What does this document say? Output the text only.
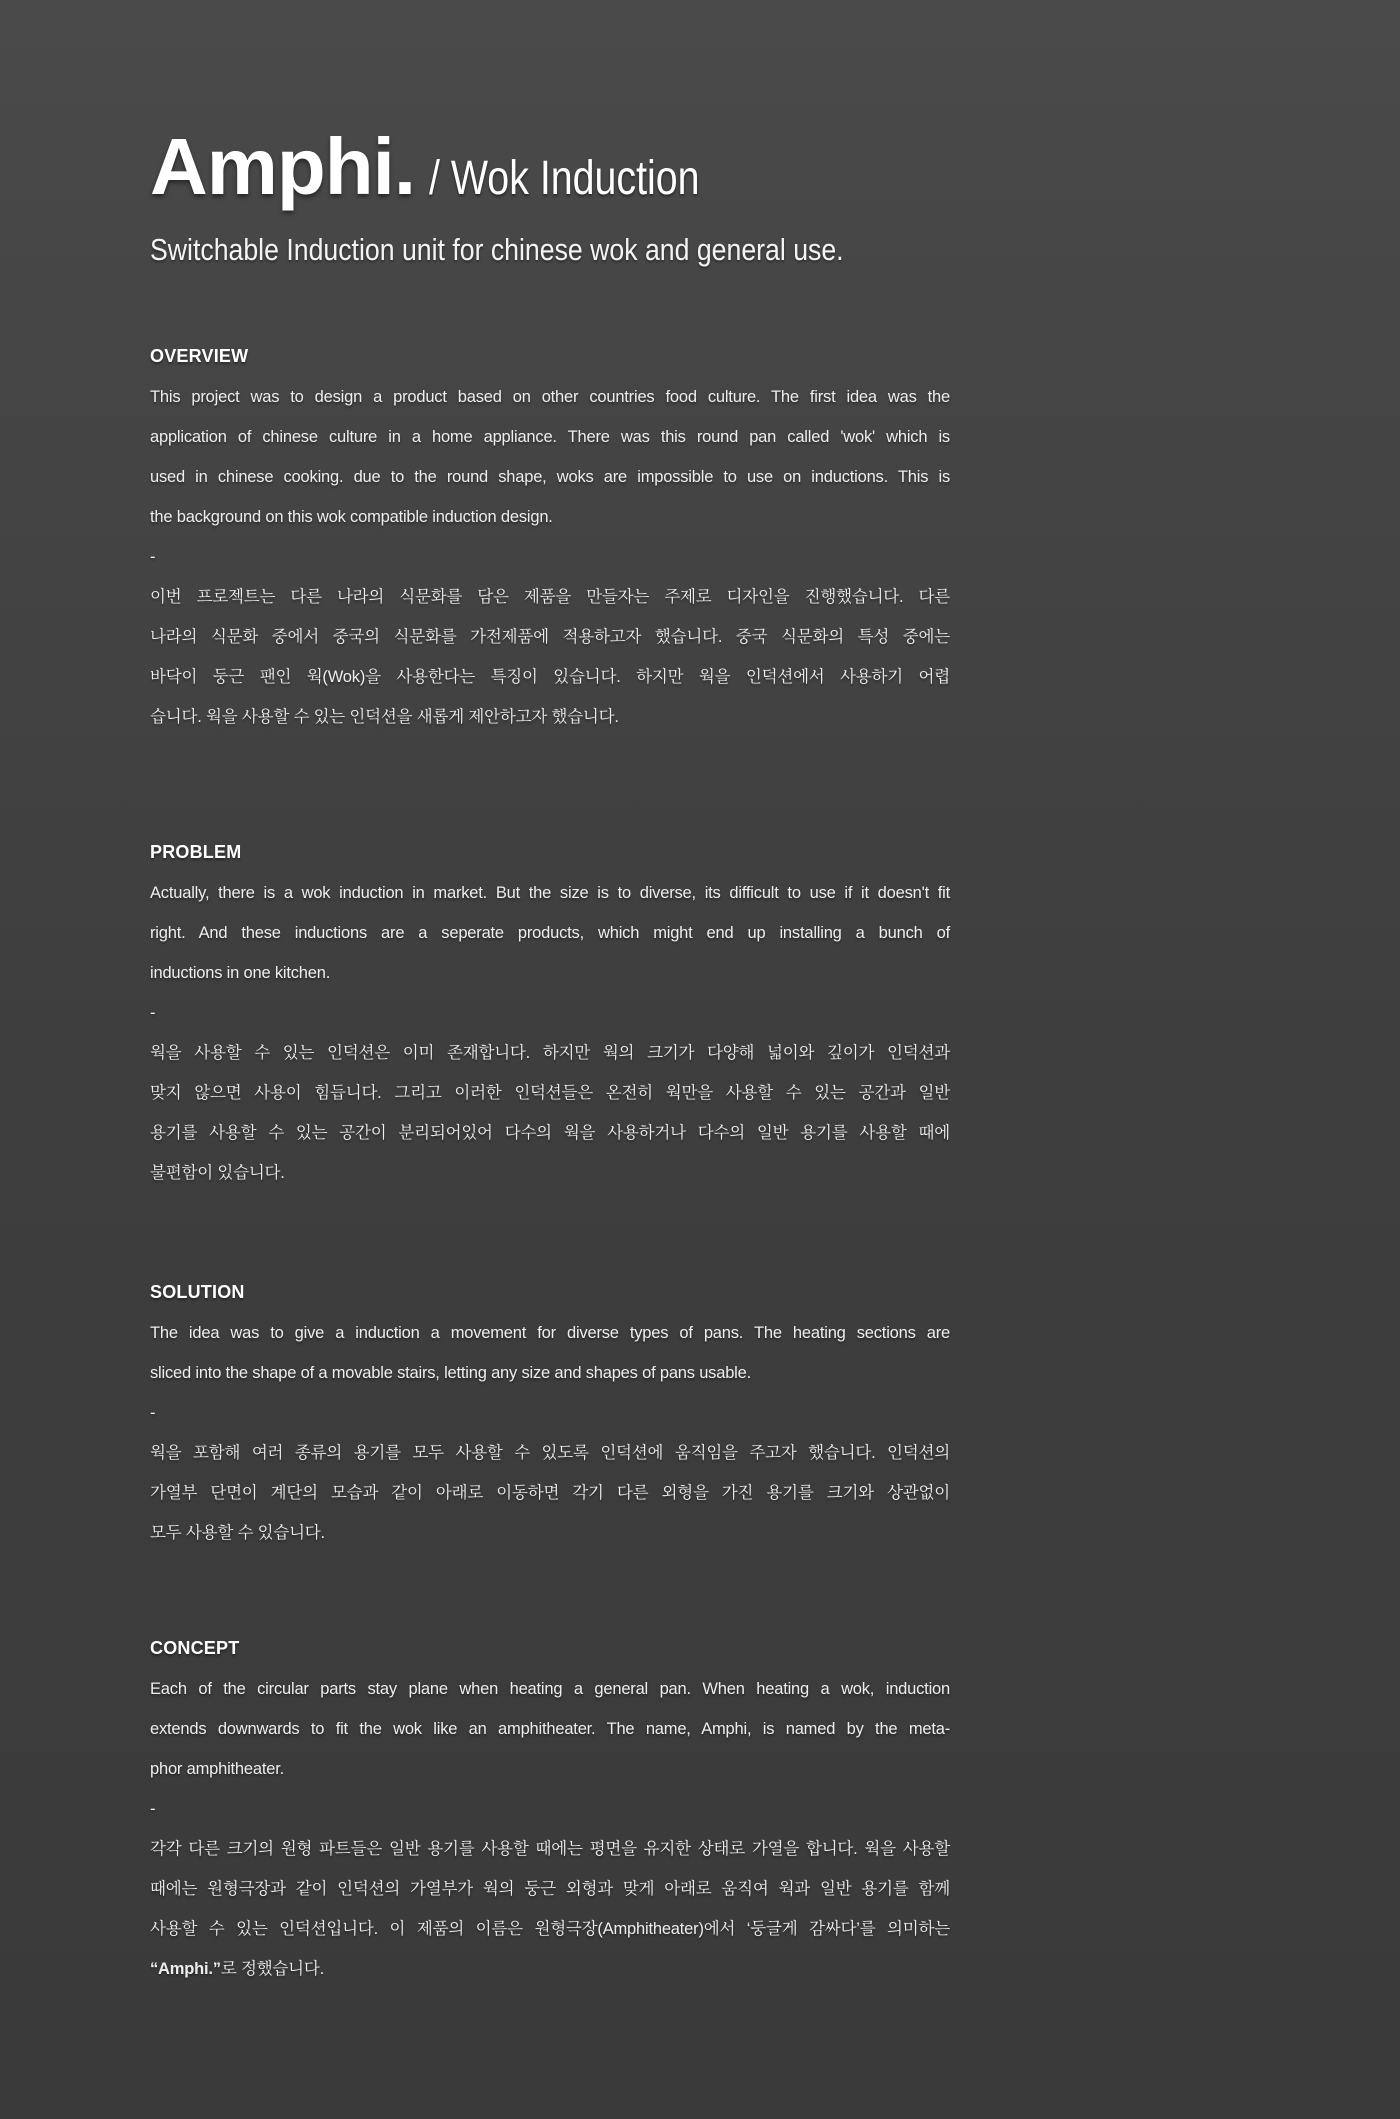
Amphi. / Wok Induction
Switchable Induction unit for chinese wok and general use.
OVERVIEW
This project was to design a product based on other countries food culture. The first idea was the
application of chinese culture in a home appliance. There was this round pan called 'wok' which is
used in chinese cooking. due to the round shape, woks are impossible to use on inductions. This is
the background on this wok compatible induction design.
-
이번 프로젝트는 다른 나라의 식문화를 담은 제품을 만들자는 주제로 디자인을 진행했습니다. 다른
나라의 식문화 중에서 중국의 식문화를 가전제품에 적용하고자 했습니다. 중국 식문화의 특성 중에는
바닥이 둥근 팬인 웍(Wok)을 사용한다는 특징이 있습니다. 하지만 웍을 인덕션에서 사용하기 어렵
습니다. 웍을 사용할 수 있는 인덕션을 새롭게 제안하고자 했습니다.
PROBLEM
Actually, there is a wok induction in market. But the size is to diverse, its difficult to use if it doesn't fit
right. And these inductions are a seperate products, which might end up installing a bunch of
inductions in one kitchen.
-
웍을 사용할 수 있는 인덕션은 이미 존재합니다. 하지만 웍의 크기가 다양해 넓이와 깊이가 인덕션과
맞지 않으면 사용이 힘듭니다. 그리고 이러한 인덕션들은 온전히 웍만을 사용할 수 있는 공간과 일반
용기를 사용할 수 있는 공간이 분리되어있어 다수의 웍을 사용하거나 다수의 일반 용기를 사용할 때에
불편함이 있습니다.
SOLUTION
The idea was to give a induction a movement for diverse types of pans. The heating sections are
sliced into the shape of a movable stairs, letting any size and shapes of pans usable.
-
웍을 포함해 여러 종류의 용기를 모두 사용할 수 있도록 인덕션에 움직임을 주고자 했습니다. 인덕션의
가열부 단면이 계단의 모습과 같이 아래로 이동하면 각기 다른 외형을 가진 용기를 크기와 상관없이
모두 사용할 수 있습니다.
CONCEPT
Each of the circular parts stay plane when heating a general pan. When heating a wok, induction
extends downwards to fit the wok like an amphitheater. The name, Amphi, is named by the meta-
phor amphitheater.
-
각각 다른 크기의 원형 파트들은 일반 용기를 사용할 때에는 평면을 유지한 상태로 가열을 합니다. 웍을 사용할
때에는 원형극장과 같이 인덕션의 가열부가 웍의 둥근 외형과 맞게 아래로 움직여 웍과 일반 용기를 함께
사용할 수 있는 인덕션입니다. 이 제품의 이름은 원형극장(Amphitheater)에서 ‘둥글게 감싸다’를 의미하는
“Amphi.”로 정했습니다.
